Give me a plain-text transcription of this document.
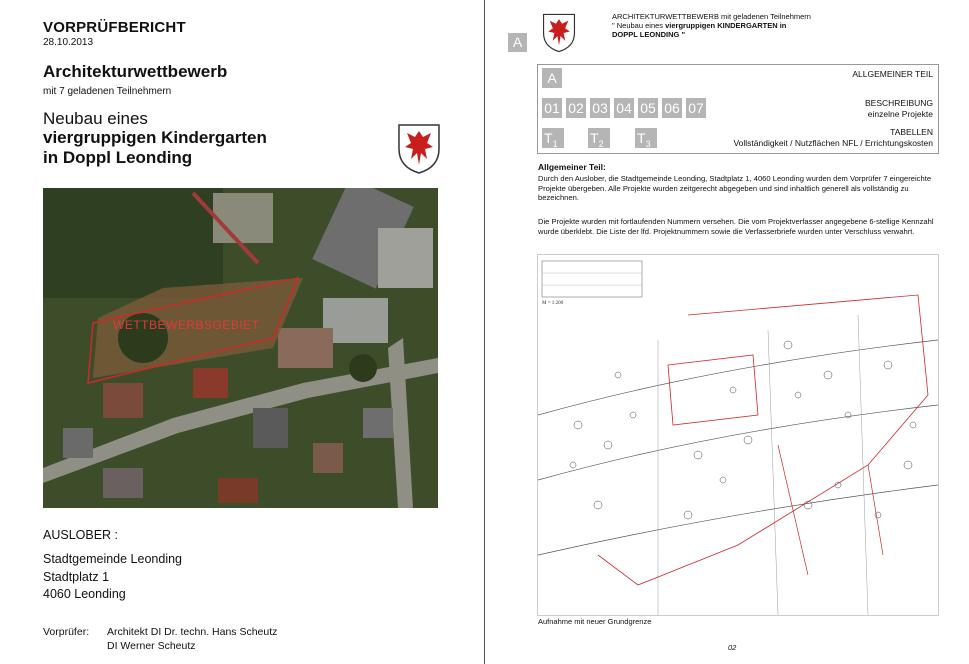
VORPRÜFBERICHT
28.10.2013
Architekturwettbewerb
mit 7 geladenen Teilnehmern
Neubau eines
viergruppigen Kindergarten
in Doppl Leonding
WETTBEWERBSGEBIET
AUSLOBER :
Stadtgemeinde Leonding
Stadtplatz 1
4060 Leonding
Vorprüfer: Architekt DI Dr. techn. Hans Scheutz
DI Werner Scheutz
A
ARCHITEKTURWETTBEWERB mit geladenen Teilnehmern
" Neubau eines viergruppigen KINDERGARTEN in
DOPPL LEONDING "
A	ALLGEMEINER TEIL
01 02 03 04 05 06 07	BESCHREIBUNG
einzelne Projekte
$T_1$	$T_2$	$T_3$
TABELLEN
Vollständigkeit / Nutzflächen NFL / Errichtungskosten
Allgemeiner Teil:
Durch den Auslober, die Stadtgemeinde Leonding, Stadtplatz 1, 4060 Leonding wurden dem Vorprüfer 7 eingereichte Projekte übergeben. Alle Projekte wurden zeitgerecht abgegeben und sind inhaltlich generell als vollständig zu bezeichnen.
Die Projekte wurden mit fortlaufenden Nummern versehen. Die vom Projektverfasser angegebene 6-stellige Kennzahl wurde überklebt. Die Liste der lfd. Projektnummern sowie die Verfasserbriefe wurden unter Verschluss verwahrt.
M = 1:200
Aufnahme mit neuer Grundgrenze
02
